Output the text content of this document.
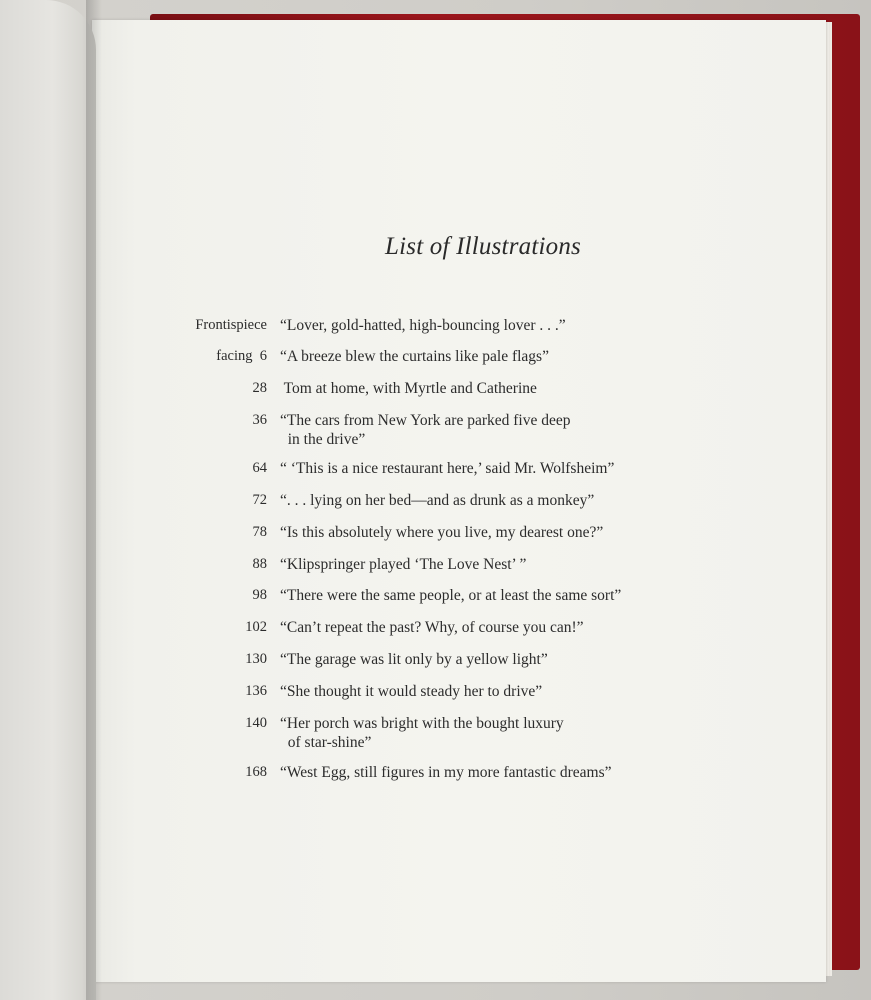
List of Illustrations
Frontispiece “Lover, gold-hatted, high-bouncing lover . . .”
facing  6 “A breeze blew the curtains like pale flags”
28 Tom at home, with Myrtle and Catherine
36 “The cars from New York are parked five deep
in the drive”
64 “ ‘This is a nice restaurant here,’ said Mr. Wolfsheim”
72 “. . . lying on her bed—and as drunk as a monkey”
78 “Is this absolutely where you live, my dearest one?”
88 “Klipspringer played ‘The Love Nest’ ”
98 “There were the same people, or at least the same sort”
102 “Can’t repeat the past? Why, of course you can!”
130 “The garage was lit only by a yellow light”
136 “She thought it would steady her to drive”
140 “Her porch was bright with the bought luxury
of star-shine”
168 “West Egg, still figures in my more fantastic dreams”
